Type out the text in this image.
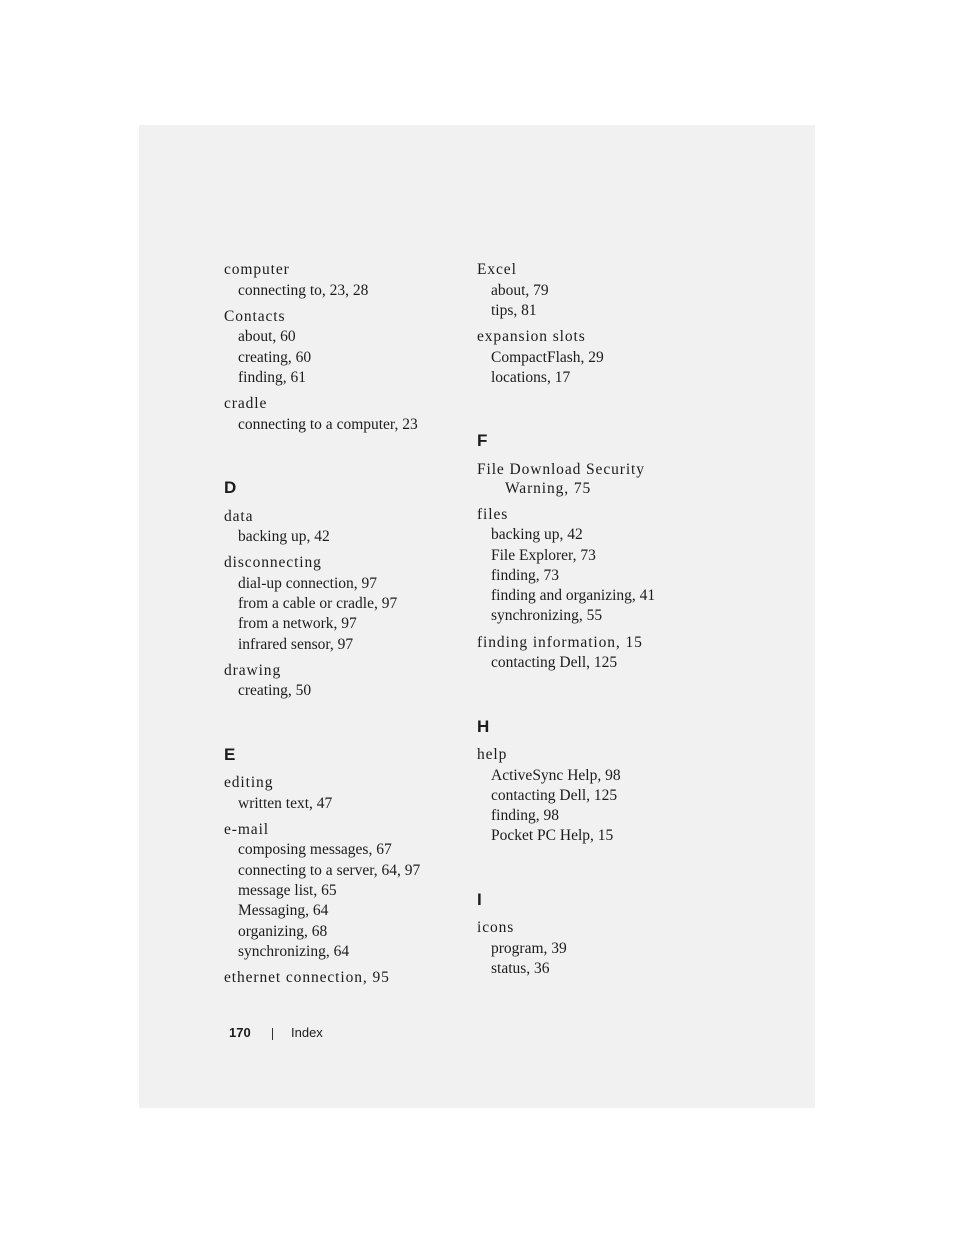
computer
connecting to, 23, 28
Contacts
about, 60
creating, 60
finding, 61
cradle
connecting to a computer, 23
D
data
backing up, 42
disconnecting
dial-up connection, 97
from a cable or cradle, 97
from a network, 97
infrared sensor, 97
drawing
creating, 50
E
editing
written text, 47
e-mail
composing messages, 67
connecting to a server, 64, 97
message list, 65
Messaging, 64
organizing, 68
synchronizing, 64
ethernet connection, 95
Excel
about, 79
tips, 81
expansion slots
CompactFlash, 29
locations, 17
F
File Download Security
Warning, 75
files
backing up, 42
File Explorer, 73
finding, 73
finding and organizing, 41
synchronizing, 55
finding information, 15
contacting Dell, 125
H
help
ActiveSync Help, 98
contacting Dell, 125
finding, 98
Pocket PC Help, 15
I
icons
program, 39
status, 36
170	Index
